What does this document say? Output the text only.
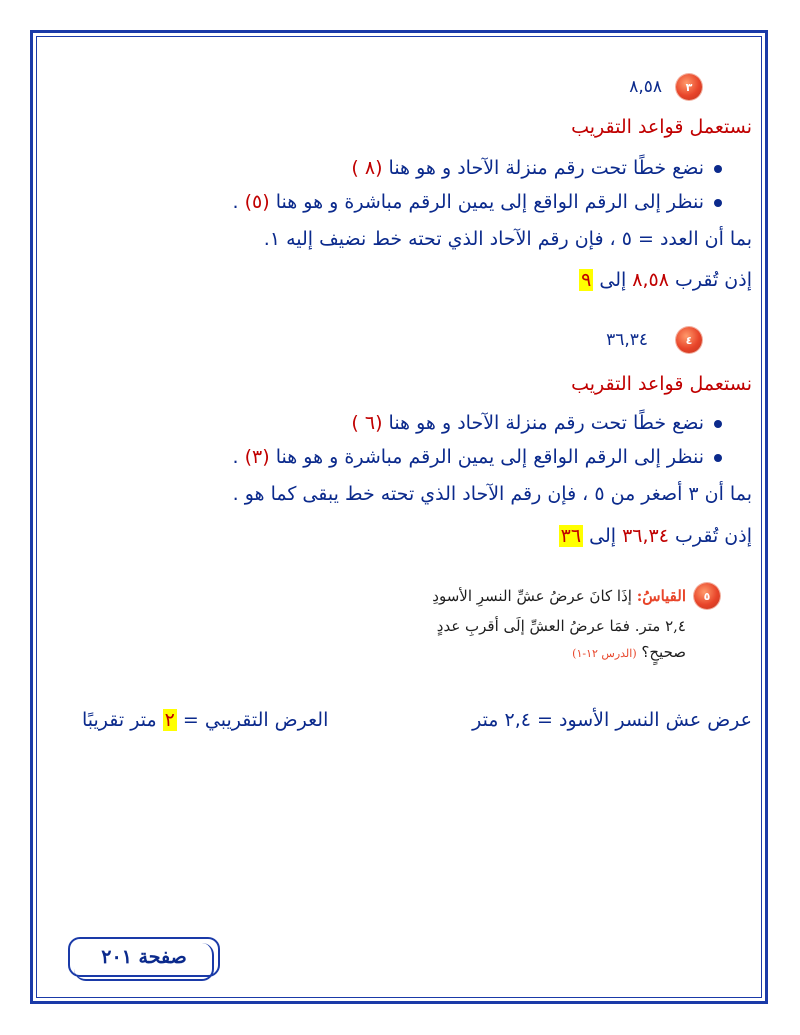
٣
٨,٥٨
نستعمل قواعد التقريب
نضع خطًا تحت رقم منزلة الآحاد و هو هنا (٨ )
ننظر إلى الرقم الواقع إلى يمين الرقم مباشرة و هو هنا (٥) .
بما أن العدد = ٥ ، فإن رقم الآحاد الذي تحته خط نضيف إليه ١.
إذن تُقرب ٨,٥٨ إلى ٩
٤
٣٦,٣٤
نستعمل قواعد التقريب
نضع خطًا تحت رقم منزلة الآحاد و هو هنا (٦ )
ننظر إلى الرقم الواقع إلى يمين الرقم مباشرة و هو هنا (٣) .
بما أن ٣ أصغر من ٥ ، فإن رقم الآحاد الذي تحته خط يبقى كما هو .
إذن تُقرب ٣٦,٣٤ إلى ٣٦
٥
القياسُ: إذَا كانَ عرضُ عشِّ النسرِ الأسودِ
٢,٤ متر. فمَا عرضُ العشِّ إلَى أقربِ عددٍ
صحيحٍ؟ (الدرس ١٢-١)
عرض عش النسر الأسود = ٢,٤ متر
العرض التقريبي = ٢ متر تقريبًا
صفحة ٢٠١
